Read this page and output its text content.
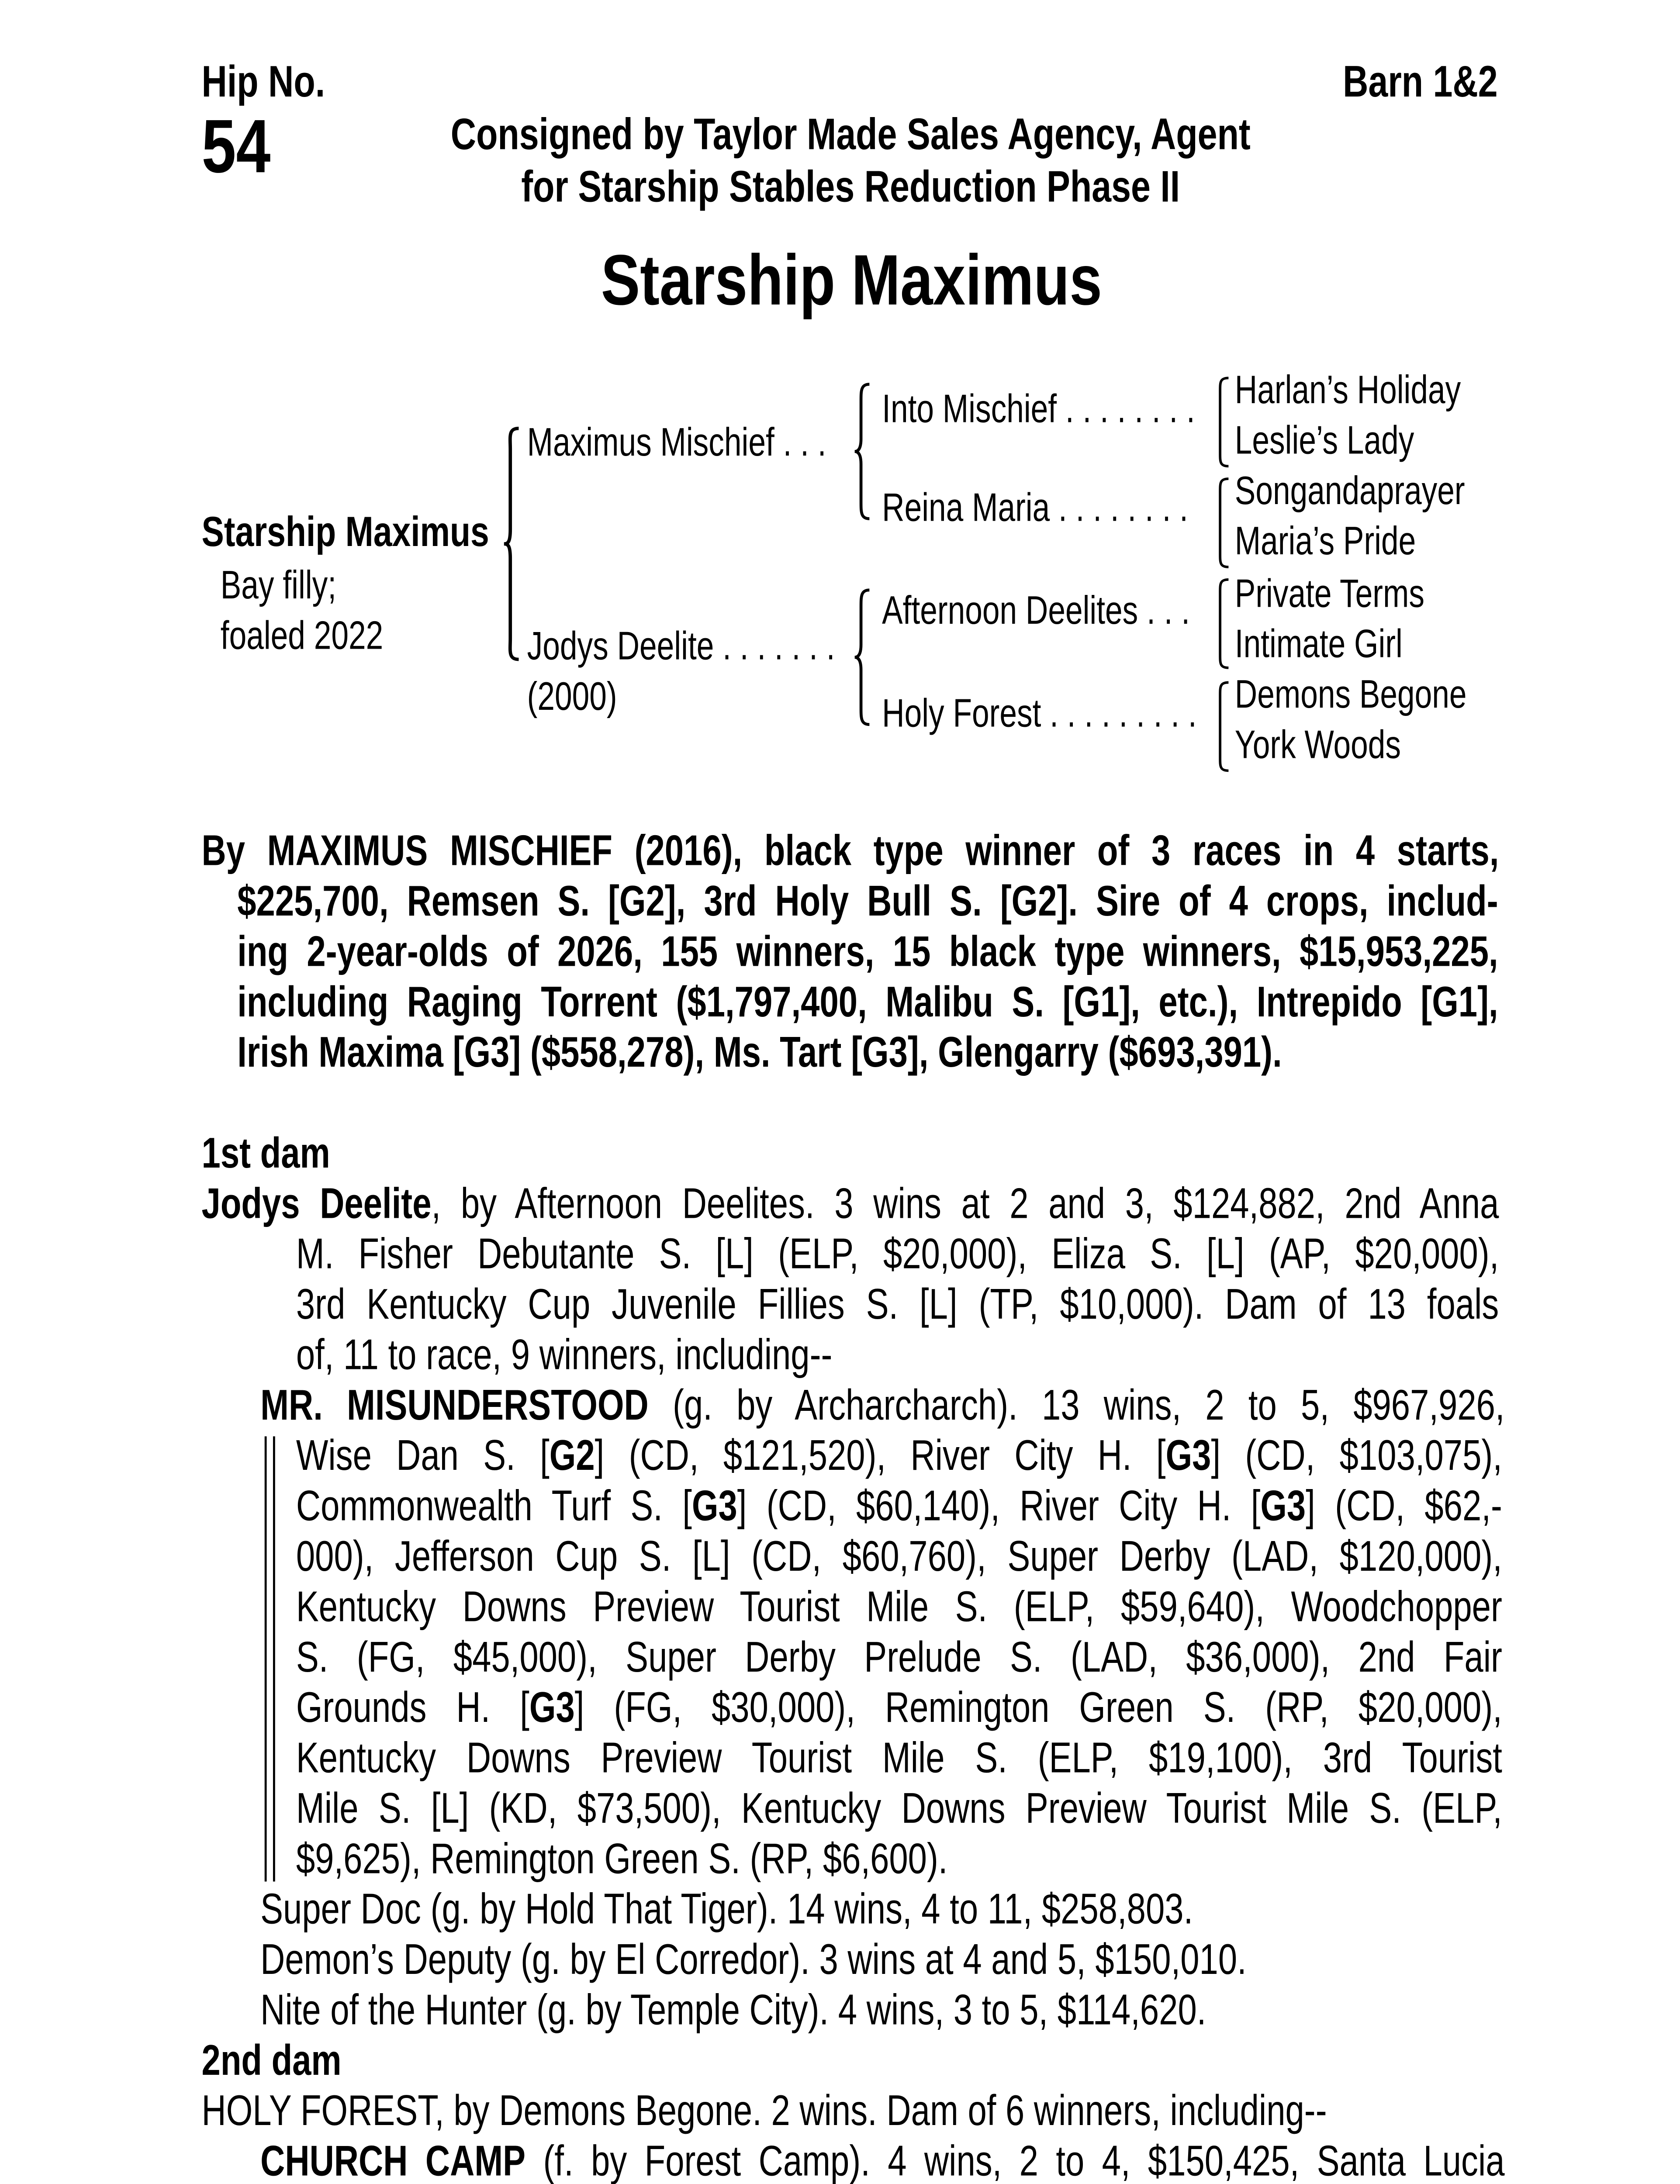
Hip No.	Barn 1&2
54	Consigned by Taylor Made Sales Agency, Agent
for Starship Stables Reduction Phase II
Starship Maximus
Starship Maximus
Bay filly;
foaled 2022
Maximus Mischief . . .
Jodys Deelite . . . . . . .
(2000)
Into Mischief . . . . . . . .
Reina Maria . . . . . . . .
Afternoon Deelites . . .
Holy Forest . . . . . . . . .
Harlan’s Holiday
Leslie’s Lady
Songandaprayer
Maria’s Pride
Private Terms
Intimate Girl
Demons Begone
York Woods
By MAXIMUS MISCHIEF (2016), black type winner of 3 races in 4 starts,
$225,700, Remsen S. [G2], 3rd Holy Bull S. [G2]. Sire of 4 crops, includ-
ing 2-year-olds of 2026, 155 winners, 15 black type winners, $15,953,225,
including Raging Torrent ($1,797,400, Malibu S. [G1], etc.), Intrepido [G1],
Irish Maxima [G3] ($558,278), Ms. Tart [G3], Glengarry ($693,391).
1st dam
Jodys Deelite, by Afternoon Deelites. 3 wins at 2 and 3, $124,882, 2nd Anna
M. Fisher Debutante S. [L] (ELP, $20,000), Eliza S. [L] (AP, $20,000),
3rd Kentucky Cup Juvenile Fillies S. [L] (TP, $10,000). Dam of 13 foals
of, 11 to race, 9 winners, including--
MR. MISUNDERSTOOD (g. by Archarcharch). 13 wins, 2 to 5, $967,926,
Wise Dan S. [G2] (CD, $121,520), River City H. [G3] (CD, $103,075),
Commonwealth Turf S. [G3] (CD, $60,140), River City H. [G3] (CD, $62,-
000), Jefferson Cup S. [L] (CD, $60,760), Super Derby (LAD, $120,000),
Kentucky Downs Preview Tourist Mile S. (ELP, $59,640), Woodchopper
S. (FG, $45,000), Super Derby Prelude S. (LAD, $36,000), 2nd Fair
Grounds H. [G3] (FG, $30,000), Remington Green S. (RP, $20,000),
Kentucky Downs Preview Tourist Mile S. (ELP, $19,100), 3rd Tourist
Mile S. [L] (KD, $73,500), Kentucky Downs Preview Tourist Mile S. (ELP,
$9,625), Remington Green S. (RP, $6,600).
Super Doc (g. by Hold That Tiger). 14 wins, 4 to 11, $258,803.
Demon’s Deputy (g. by El Corredor). 3 wins at 4 and 5, $150,010.
Nite of the Hunter (g. by Temple City). 4 wins, 3 to 5, $114,620.
2nd dam
HOLY FOREST, by Demons Begone. 2 wins. Dam of 6 winners, including--
CHURCH CAMP (f. by Forest Camp). 4 wins, 2 to 4, $150,425, Santa Lucia
